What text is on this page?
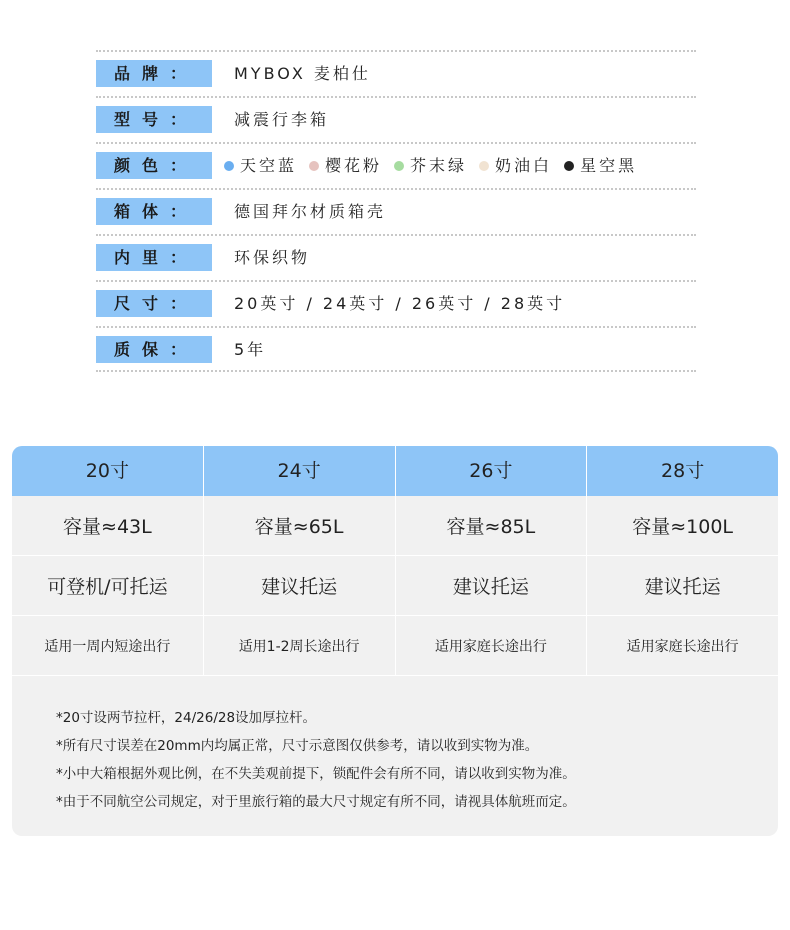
品牌：	MYBOX 麦柏仕
型号：	减震行李箱
颜色：	天空蓝 樱花粉 芥末绿 奶油白 星空黑
箱体：	德国拜尔材质箱壳
内里：	环保织物
尺寸：	20英寸 / 24英寸 / 26英寸 / 28英寸
质保：	5年
20寸	24寸	26寸	28寸
容量≈43L	容量≈65L	容量≈85L	容量≈100L
可登机/可托运	建议托运	建议托运	建议托运
适用一周内短途出行	适用1-2周长途出行	适用家庭长途出行	适用家庭长途出行
*20寸设两节拉杆，24/26/28设加厚拉杆。
*所有尺寸误差在20mm内均属正常，尺寸示意图仅供参考，请以收到实物为准。
*小中大箱根据外观比例，在不失美观前提下，锁配件会有所不同，请以收到实物为准。
*由于不同航空公司规定，对于里旅行箱的最大尺寸规定有所不同，请视具体航班而定。
